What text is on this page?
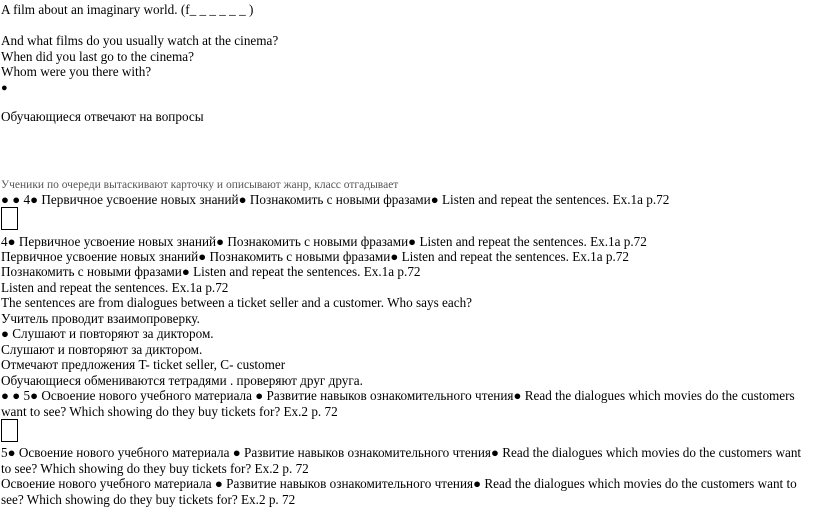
A film about an imaginary world. (f_ _ _ _ _ _ )
And what films do you usually watch at the cinema?
When did you last go to the cinema?
Whom were you there with?
●
Обучающиеся отвечают на вопросы
Ученики по очереди вытаскивают карточку и описывают жанр, класс отгадывает
● ● 4● Первичное усвоение новых знаний● Познакомить с новыми фразами● Listen and repeat the sentences. Ex.1a p.72
4● Первичное усвоение новых знаний● Познакомить с новыми фразами● Listen and repeat the sentences. Ex.1a p.72
Первичное усвоение новых знаний● Познакомить с новыми фразами● Listen and repeat the sentences. Ex.1a p.72
Познакомить с новыми фразами● Listen and repeat the sentences. Ex.1a p.72
Listen and repeat the sentences. Ex.1a p.72
The sentences are from dialogues between a ticket seller and a customer. Who says each?
Учитель проводит взаимопроверку.
● Слушают и повторяют за диктором.
Слушают и повторяют за диктором.
Отмечают предложения T- ticket seller, C- customer
Обучающиеся обмениваются тетрадями . проверяют друг друга.
● ● 5● Освоение нового учебного материала ● Развитие навыков ознакомительного чтения● Read the dialogues which movies do the customers want to see? Which showing do they buy tickets for? Ex.2 p. 72
5● Освоение нового учебного материала ● Развитие навыков ознакомительного чтения● Read the dialogues which movies do the customers want to see? Which showing do they buy tickets for? Ex.2 p. 72
Освоение нового учебного материала ● Развитие навыков ознакомительного чтения● Read the dialogues which movies do the customers want to see? Which showing do they buy tickets for? Ex.2 p. 72
